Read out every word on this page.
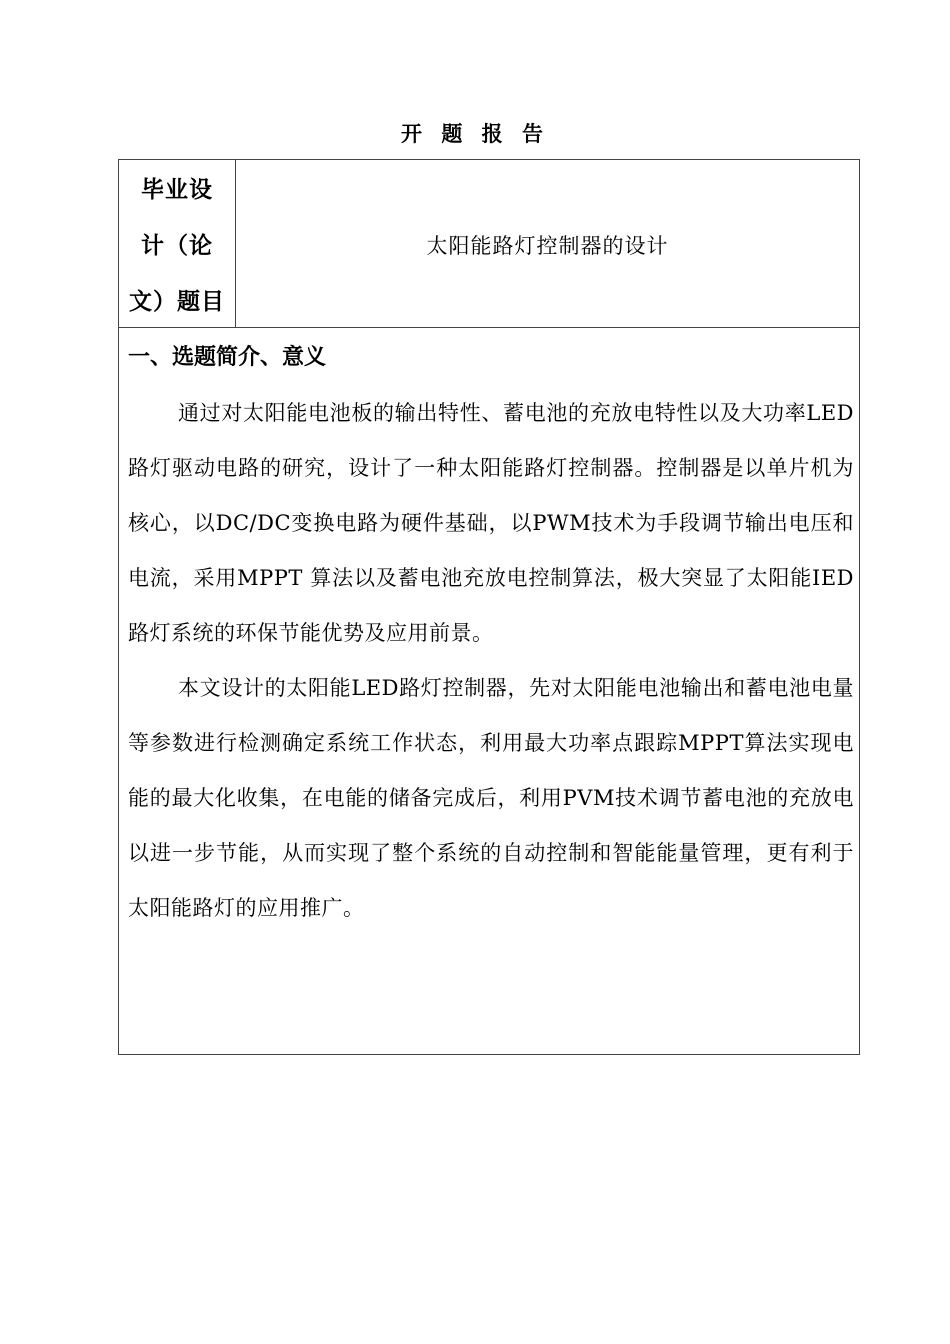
开 题 报 告
毕业设
计（论
文）题目
太阳能路灯控制器的设计

一、选题简介、意义

通过对太阳能电池板的输出特性、蓄电池的充放电特性以及大功率LED路灯驱动电路的研究，设计了一种太阳能路灯控制器。控制器是以单片机为核心，以DC/DC变换电路为硬件基础，以PWM技术为手段调节输出电压和电流，采用MPPT 算法以及蓄电池充放电控制算法，极大突显了太阳能IED路灯系统的环保节能优势及应用前景。

本文设计的太阳能LED路灯控制器，先对太阳能电池输出和蓄电池电量等参数进行检测确定系统工作状态，利用最大功率点跟踪MPPT算法实现电能的最大化收集，在电能的储备完成后，利用PVM技术调节蓄电池的充放电以进一步节能，从而实现了整个系统的自动控制和智能能量管理，更有利于太阳能路灯的应用推广。
